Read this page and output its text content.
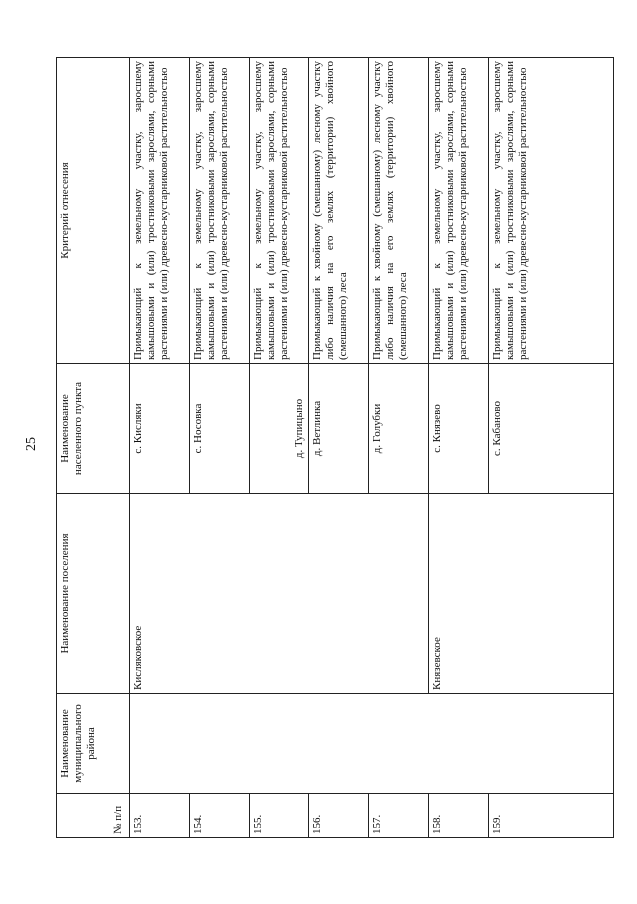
25
№ п/п	Наименование муниципального района	Наименование поселения	Наименование населенного пункта	Критерий отнесения
153.		Кисляковское	с. Кисляки	Примыкающий к земельному участку, заросшему камышовыми и (или) тростниковыми зарослями, сорными растениями и (или) древесно-кустарниковой растительностью
154.			с. Носовка	Примыкающий к земельному участку, заросшему камышовыми и (или) тростниковыми зарослями, сорными растениями и (или) древесно-кустарниковой растительностью
155.			д. Тупицыно	Примыкающий к земельному участку, заросшему камышовыми и (или) тростниковыми зарослями, сорными растениями и (или) древесно-кустарниковой растительностью
156.			д. Ветлинка	Примыкающий к хвойному (смешанному) лесному участку либо наличия на его землях (территории) хвойного (смешанного) леса
157.			д. Голубки	Примыкающий к хвойному (смешанному) лесному участку либо наличия на его землях (территории) хвойного (смешанного) леса
158.		Князевское	с. Князево	Примыкающий к земельному участку, заросшему камышовыми и (или) тростниковыми зарослями, сорными растениями и (или) древесно-кустарниковой растительностью
159.			с. Кабаново	Примыкающий к земельному участку, заросшему камышовыми и (или) тростниковыми зарослями, сорными растениями и (или) древесно-кустарниковой растительностью
